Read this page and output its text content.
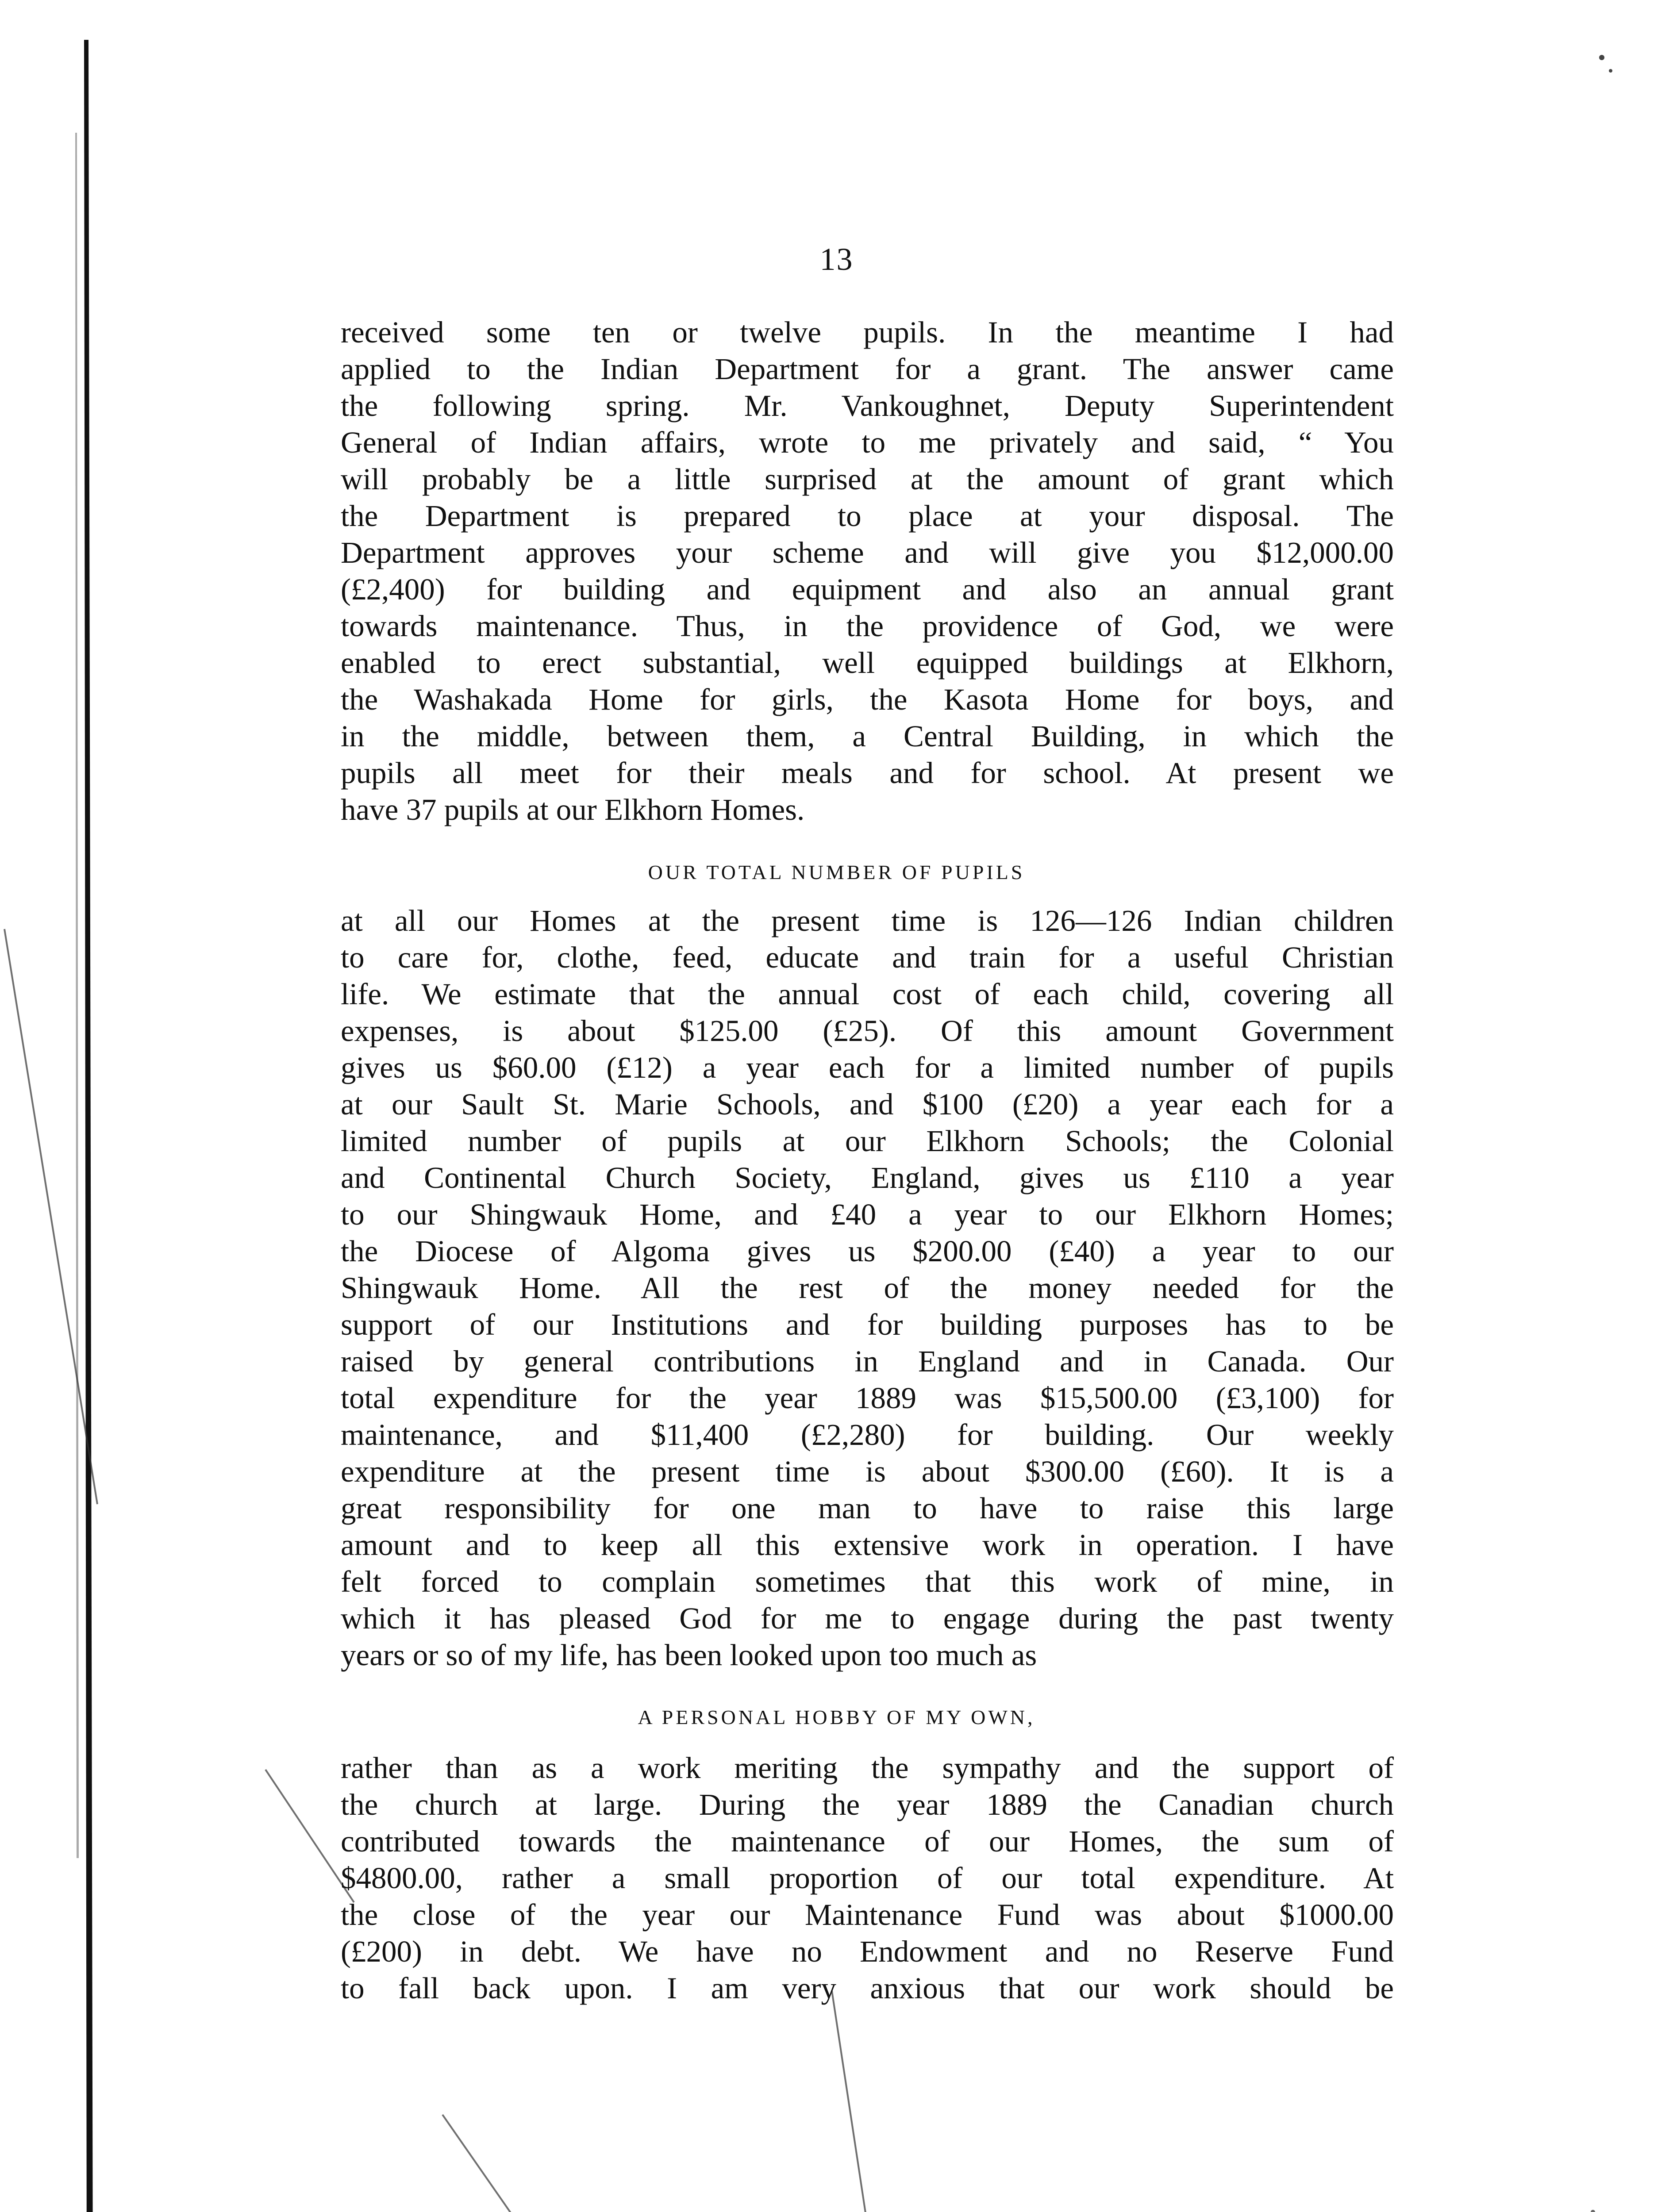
13
received some ten or twelve pupils. In the meantime I had
applied to the Indian Department for a grant. The answer came
the following spring. Mr. Vankoughnet, Deputy Superintendent
General of Indian affairs, wrote to me privately and said, “ You
will probably be a little surprised at the amount of grant which
the Department is prepared to place at your disposal. The
Department approves your scheme and will give you $12,000.00
(£2,400) for building and equipment and also an annual grant
towards maintenance. Thus, in the providence of God, we were
enabled to erect substantial, well equipped buildings at Elkhorn,
the Washakada Home for girls, the Kasota Home for boys, and
in the middle, between them, a Central Building, in which the
pupils all meet for their meals and for school. At present we
have 37 pupils at our Elkhorn Homes.
OUR TOTAL NUMBER OF PUPILS
at all our Homes at the present time is 126—126 Indian children
to care for, clothe, feed, educate and train for a useful Christian
life. We estimate that the annual cost of each child, covering all
expenses, is about $125.00 (£25). Of this amount Government
gives us $60.00 (£12) a year each for a limited number of pupils
at our Sault St. Marie Schools, and $100 (£20) a year each for a
limited number of pupils at our Elkhorn Schools; the Colonial
and Continental Church Society, England, gives us £110 a year
to our Shingwauk Home, and £40 a year to our Elkhorn Homes;
the Diocese of Algoma gives us $200.00 (£40) a year to our
Shingwauk Home. All the rest of the money needed for the
support of our Institutions and for building purposes has to be
raised by general contributions in England and in Canada. Our
total expenditure for the year 1889 was $15,500.00 (£3,100) for
maintenance, and $11,400 (£2,280) for building. Our weekly
expenditure at the present time is about $300.00 (£60). It is a
great responsibility for one man to have to raise this large
amount and to keep all this extensive work in operation. I have
felt forced to complain sometimes that this work of mine, in
which it has pleased God for me to engage during the past twenty
years or so of my life, has been looked upon too much as
A PERSONAL HOBBY OF MY OWN,
rather than as a work meriting the sympathy and the support of
the church at large. During the year 1889 the Canadian church
contributed towards the maintenance of our Homes, the sum of
$4800.00, rather a small proportion of our total expenditure. At
the close of the year our Maintenance Fund was about $1000.00
(£200) in debt. We have no Endowment and no Reserve Fund
to fall back upon. I am very anxious that our work should be
